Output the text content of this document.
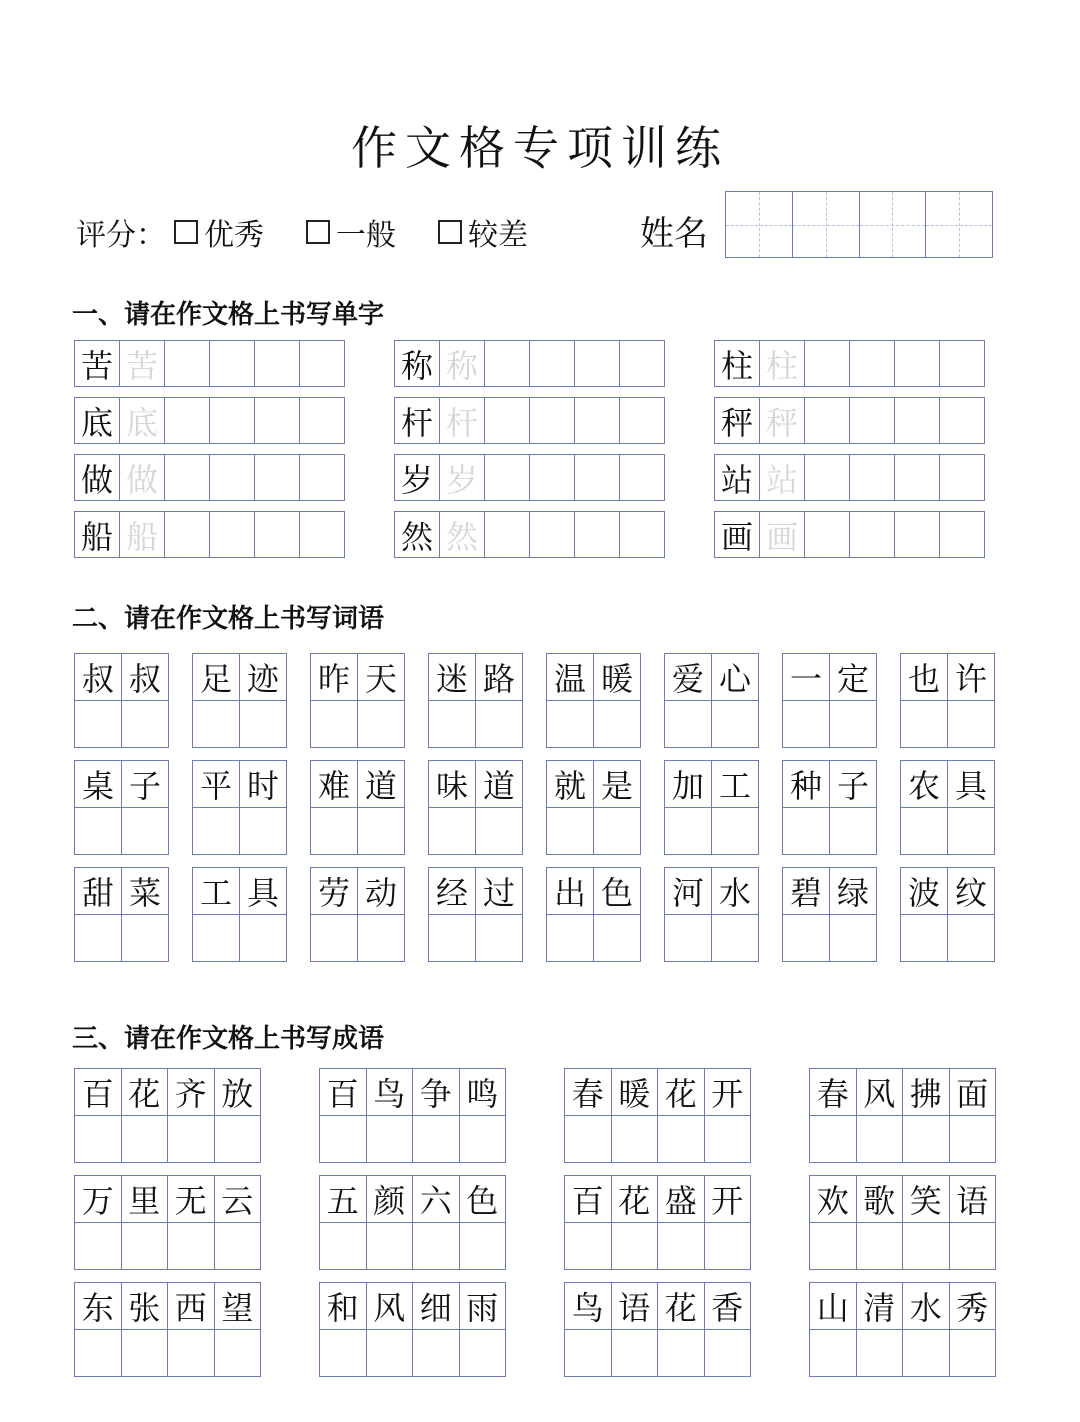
作文格专项训练
评分： 优秀 一般 较差	姓名
一、请在作文格上书写单字
苦 苦
底 底
做 做
船 船
称 称
杆 杆
岁 岁
然 然
柱 柱
秤 秤
站 站
画 画
二、请在作文格上书写词语
叔 叔 足 迹 昨 天 迷 路 温 暖 爱 心 一 定 也 许
桌 子 平 时 难 道 味 道 就 是 加 工 种 子 农 具
甜 菜 工 具 劳 动 经 过 出 色 河 水 碧 绿 波 纹
三、请在作文格上书写成语
百 花 齐 放 百 鸟 争 鸣 春 暖 花 开 春 风 拂 面
万 里 无 云 五 颜 六 色 百 花 盛 开 欢 歌 笑 语
东 张 西 望 和 风 细 雨 鸟 语 花 香 山 清 水 秀
